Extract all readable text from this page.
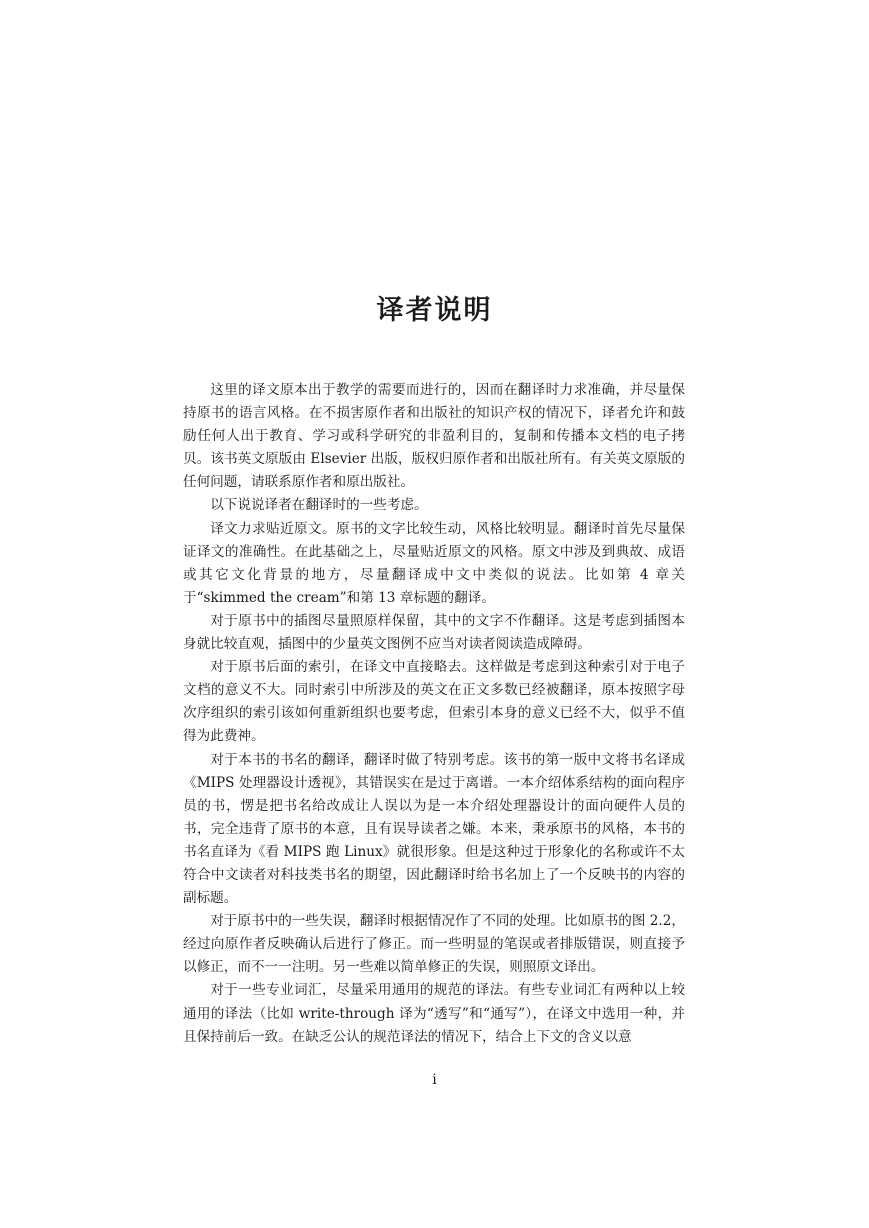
译者说明

这里的译文原本出于教学的需要而进行的，因而在翻译时力求准确，并尽量保持原书的语言风格。在不损害原作者和出版社的知识产权的情况下，译者允许和鼓励任何人出于教育、学习或科学研究的非盈利目的，复制和传播本文档的电子拷贝。该书英文原版由 Elsevier 出版，版权归原作者和出版社所有。有关英文原版的任何问题，请联系原作者和原出版社。

以下说说译者在翻译时的一些考虑。

译文力求贴近原文。原书的文字比较生动，风格比较明显。翻译时首先尽量保证译文的准确性。在此基础之上，尽量贴近原文的风格。原文中涉及到典故、成语或其它文化背景的地方，尽量翻译成中文中类似的说法。比如第 4 章关于“skimmed the cream”和第 13 章标题的翻译。

对于原书中的插图尽量照原样保留，其中的文字不作翻译。这是考虑到插图本身就比较直观，插图中的少量英文图例不应当对读者阅读造成障碍。

对于原书后面的索引，在译文中直接略去。这样做是考虑到这种索引对于电子文档的意义不大。同时索引中所涉及的英文在正文多数已经被翻译，原本按照字母次序组织的索引该如何重新组织也要考虑，但索引本身的意义已经不大，似乎不值得为此费神。

对于本书的书名的翻译，翻译时做了特别考虑。该书的第一版中文将书名译成《MIPS 处理器设计透视》，其错误实在是过于离谱。一本介绍体系结构的面向程序员的书，愣是把书名给改成让人误以为是一本介绍处理器设计的面向硬件人员的书，完全违背了原书的本意，且有误导读者之嫌。本来，秉承原书的风格，本书的书名直译为《看 MIPS 跑 Linux》就很形象。但是这种过于形象化的名称或许不太符合中文读者对科技类书名的期望，因此翻译时给书名加上了一个反映书的内容的副标题。

对于原书中的一些失误，翻译时根据情况作了不同的处理。比如原书的图 2.2，经过向原作者反映确认后进行了修正。而一些明显的笔误或者排版错误，则直接予以修正，而不一一注明。另一些难以简单修正的失误，则照原文译出。

对于一些专业词汇，尽量采用通用的规范的译法。有些专业词汇有两种以上较通用的译法（比如 write-through 译为“透写”和“通写”），在译文中选用一种，并且保持前后一致。在缺乏公认的规范译法的情况下，结合上下文的含义以意

i
